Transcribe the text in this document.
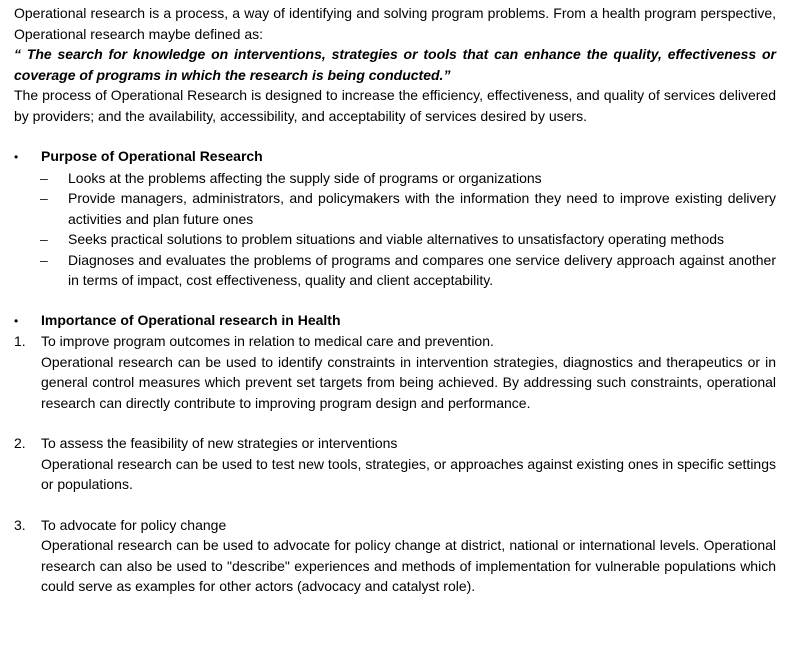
Operational research is a process, a way of identifying and solving program problems. From a health program perspective, Operational research maybe defined as:
“ The search for knowledge on interventions, strategies or tools that can enhance the quality, effectiveness or coverage of programs in which the research is being conducted.”
The process of Operational Research is designed to increase the efficiency, effectiveness, and quality of services delivered by providers; and the availability, accessibility, and acceptability of services desired by users.
•	Purpose of Operational Research
–	Looks at the problems affecting the supply side of programs or organizations
–	Provide managers, administrators, and policymakers with the information they need to improve existing delivery activities and plan future ones
–	Seeks practical solutions to problem situations and viable alternatives to unsatisfactory operating methods
–	Diagnoses and evaluates the problems of programs and compares one service delivery approach against another in terms of impact, cost effectiveness, quality and client acceptability.
•	Importance of Operational research in Health
1.	To improve program outcomes in relation to medical care and prevention.
Operational research can be used to identify constraints in intervention strategies, diagnostics and therapeutics or in general control measures which prevent set targets from being achieved. By addressing such constraints, operational research can directly contribute to improving program design and performance.
2.	To assess the feasibility of new strategies or interventions
Operational research can be used to test new tools, strategies, or approaches against existing ones in specific settings or populations.
3.	To advocate for policy change
Operational research can be used to advocate for policy change at district, national or international levels. Operational research can also be used to "describe" experiences and methods of implementation for vulnerable populations which could serve as examples for other actors (advocacy and catalyst role).
